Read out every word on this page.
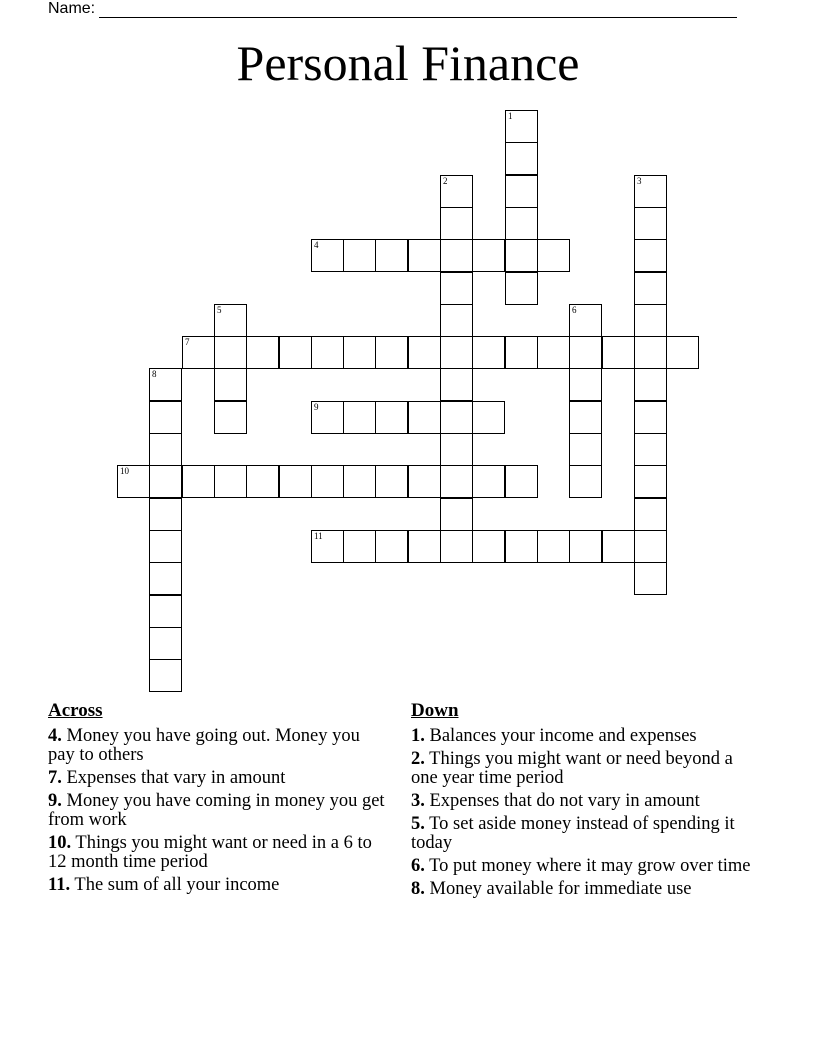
Name:
Personal Finance
1
2	3
4
5	6
7
8
9
10
11
Across
4. Money you have going out. Money you pay to others
7. Expenses that vary in amount
9. Money you have coming in money you get from work
10. Things you might want or need in a 6 to 12 month time period
11. The sum of all your income
Down
1. Balances your income and expenses
2. Things you might want or need beyond a one year time period
3. Expenses that do not vary in amount
5. To set aside money instead of spending it today
6. To put money where it may grow over time
8. Money available for immediate use
